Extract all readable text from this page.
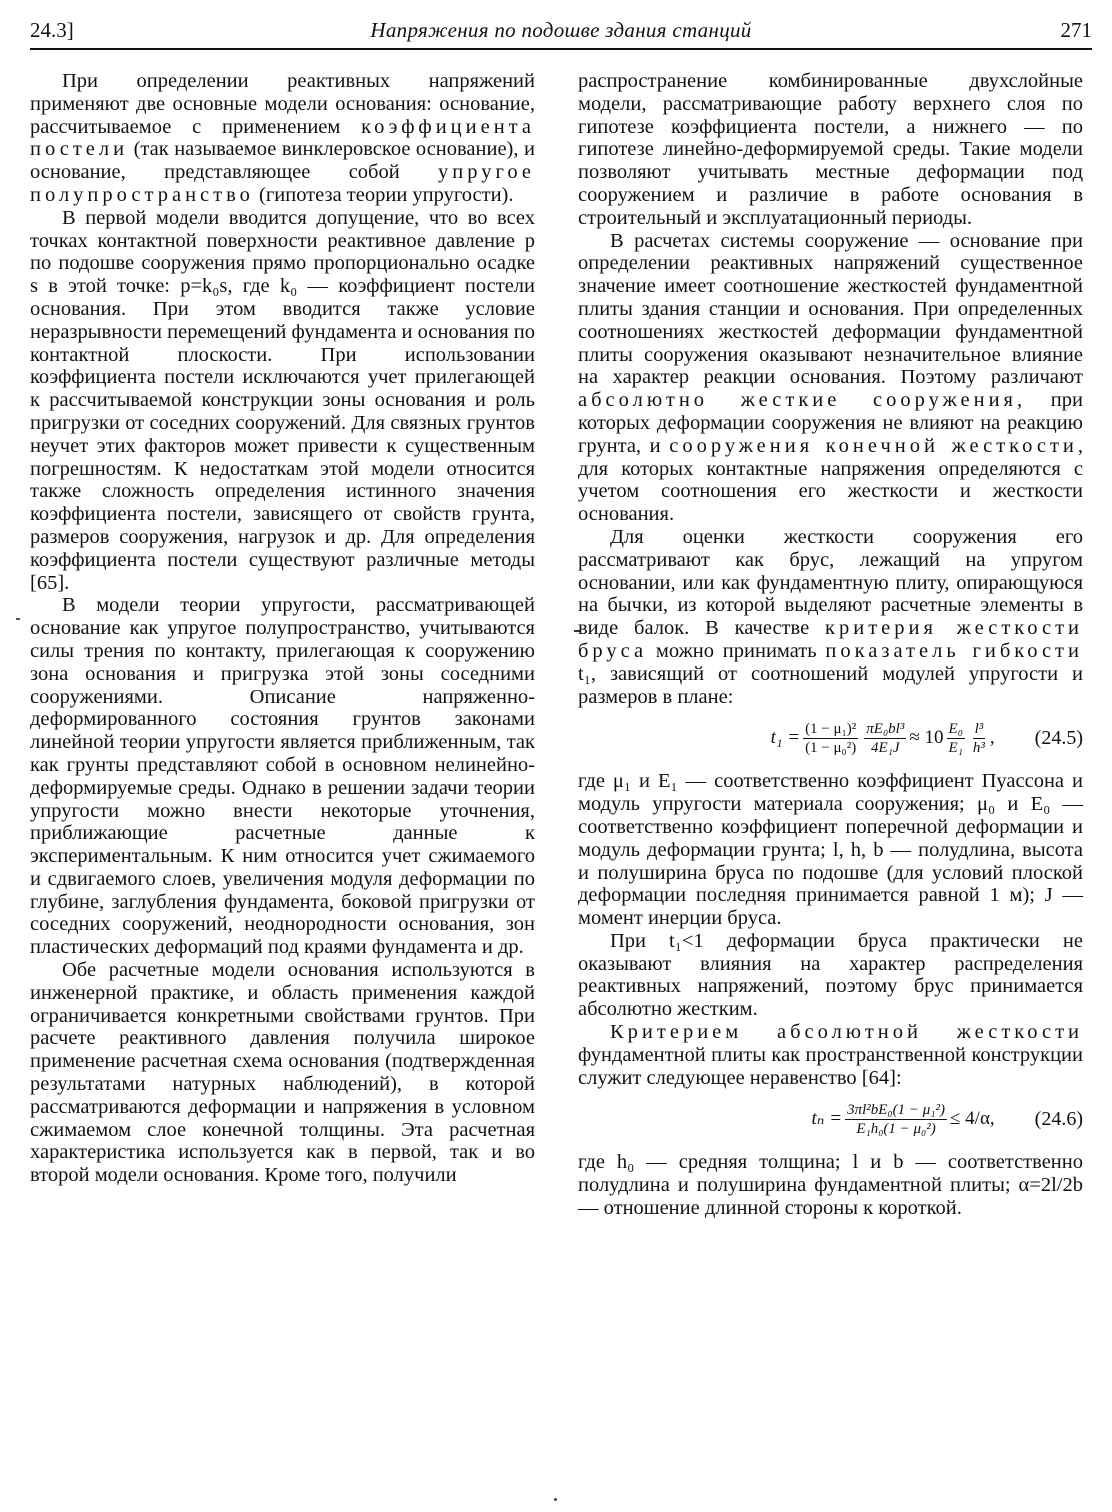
24.3]	Напряжения по подошве здания станций	271

При определении реактивных напряжений применяют две основные модели основания: основание, рассчитываемое с применением коэффициента постели (так называемое винклеровское основание), и основание, представляющее собой упругое полупространство (гипотеза теории упругости).

В первой модели вводится допущение, что во всех точках контактной поверхности реактивное давление p по подошве сооружения прямо пропорционально осадке s в этой точке: p=k₀s, где k₀ — коэффициент постели основания. При этом вводится также условие неразрывности перемещений фундамента и основания по контактной плоскости. При использовании коэффициента постели исключаются учет прилегающей к рассчитываемой конструкции зоны основания и роль пригрузки от соседних сооружений. Для связных грунтов неучет этих факторов может привести к существенным погрешностям. К недостаткам этой модели относится также сложность определения истинного значения коэффициента постели, зависящего от свойств грунта, размеров сооружения, нагрузок и др. Для определения коэффициента постели существуют различные методы [65].

В модели теории упругости, рассматривающей основание как упругое полупространство, учитываются силы трения по контакту, прилегающая к сооружению зона основания и пригрузка этой зоны соседними сооружениями. Описание напряженно-деформированного состояния грунтов законами линейной теории упругости является приближенным, так как грунты представляют собой в основном нелинейно-деформируемые среды. Однако в решении задачи теории упругости можно внести некоторые уточнения, приближающие расчетные данные к экспериментальным. К ним относится учет сжимаемого и сдвигаемого слоев, увеличения модуля деформации по глубине, заглубления фундамента, боковой пригрузки от соседних сооружений, неоднородности основания, зон пластических деформаций под краями фундамента и др.

Обе расчетные модели основания используются в инженерной практике, и область применения каждой ограничивается конкретными свойствами грунтов. При расчете реактивного давления получила широкое применение расчетная схема основания (подтвержденная результатами натурных наблюдений), в которой рассматриваются деформации и напряжения в условном сжимаемом слое конечной толщины. Эта расчетная характеристика используется как в первой, так и во второй модели основания. Кроме того, получили

распространение комбинированные двухслойные модели, рассматривающие работу верхнего слоя по гипотезе коэффициента постели, а нижнего — по гипотезе линейно-деформируемой среды. Такие модели позволяют учитывать местные деформации под сооружением и различие в работе основания в строительный и эксплуатационный периоды.

В расчетах системы сооружение — основание при определении реактивных напряжений существенное значение имеет соотношение жесткостей фундаментной плиты здания станции и основания. При определенных соотношениях жесткостей деформации фундаментной плиты сооружения оказывают незначительное влияние на характер реакции основания. Поэтому различают абсолютно жесткие сооружения, при которых деформации сооружения не влияют на реакцию грунта, и сооружения конечной жесткости, для которых контактные напряжения определяются с учетом соотношения его жесткости и жесткости основания.

Для оценки жесткости сооружения его рассматривают как брус, лежащий на упругом основании, или как фундаментную плиту, опирающуюся на бычки, из которой выделяют расчетные элементы в виде балок. В качестве критерия жесткости бруса можно принимать показатель гибкости t₁, зависящий от соотношений модулей упругости и размеров в плане:

$t_1 = \frac{\text{(1 − μ₁)²}}{\text{(1 − μ₀²)}} \frac{\text{πE₀bl³}}{\text{4E₁J}} \approx 10 \frac{\text{E₀}}{\text{E₁}} \frac{\text{l³}}{\text{h³}}$ , (24.5)

где μ₁ и E₁ — соответственно коэффициент Пуассона и модуль упругости материала сооружения; μ₀ и E₀ — соответственно коэффициент поперечной деформации и модуль деформации грунта; l, h, b — полудлина, высота и полуширина бруса по подошве (для условий плоской деформации последняя принимается равной 1 м); J — момент инерции бруса.

При t₁<1 деформации бруса практически не оказывают влияния на характер распределения реактивных напряжений, поэтому брус принимается абсолютно жестким.

Критерием абсолютной жесткости фундаментной плиты как пространственной конструкции служит следующее неравенство [64]:

$t_n = \frac{\text{3πl²bE₀(1 − μ₁²)}}{\text{E₁h₀(1 − μ₀²)}} \le 4/\alpha$, (24.6)

где h₀ — средняя толщина; l и b — соответственно полудлина и полуширина фундаментной плиты; α=2l/2b — отношение длинной стороны к короткой.
